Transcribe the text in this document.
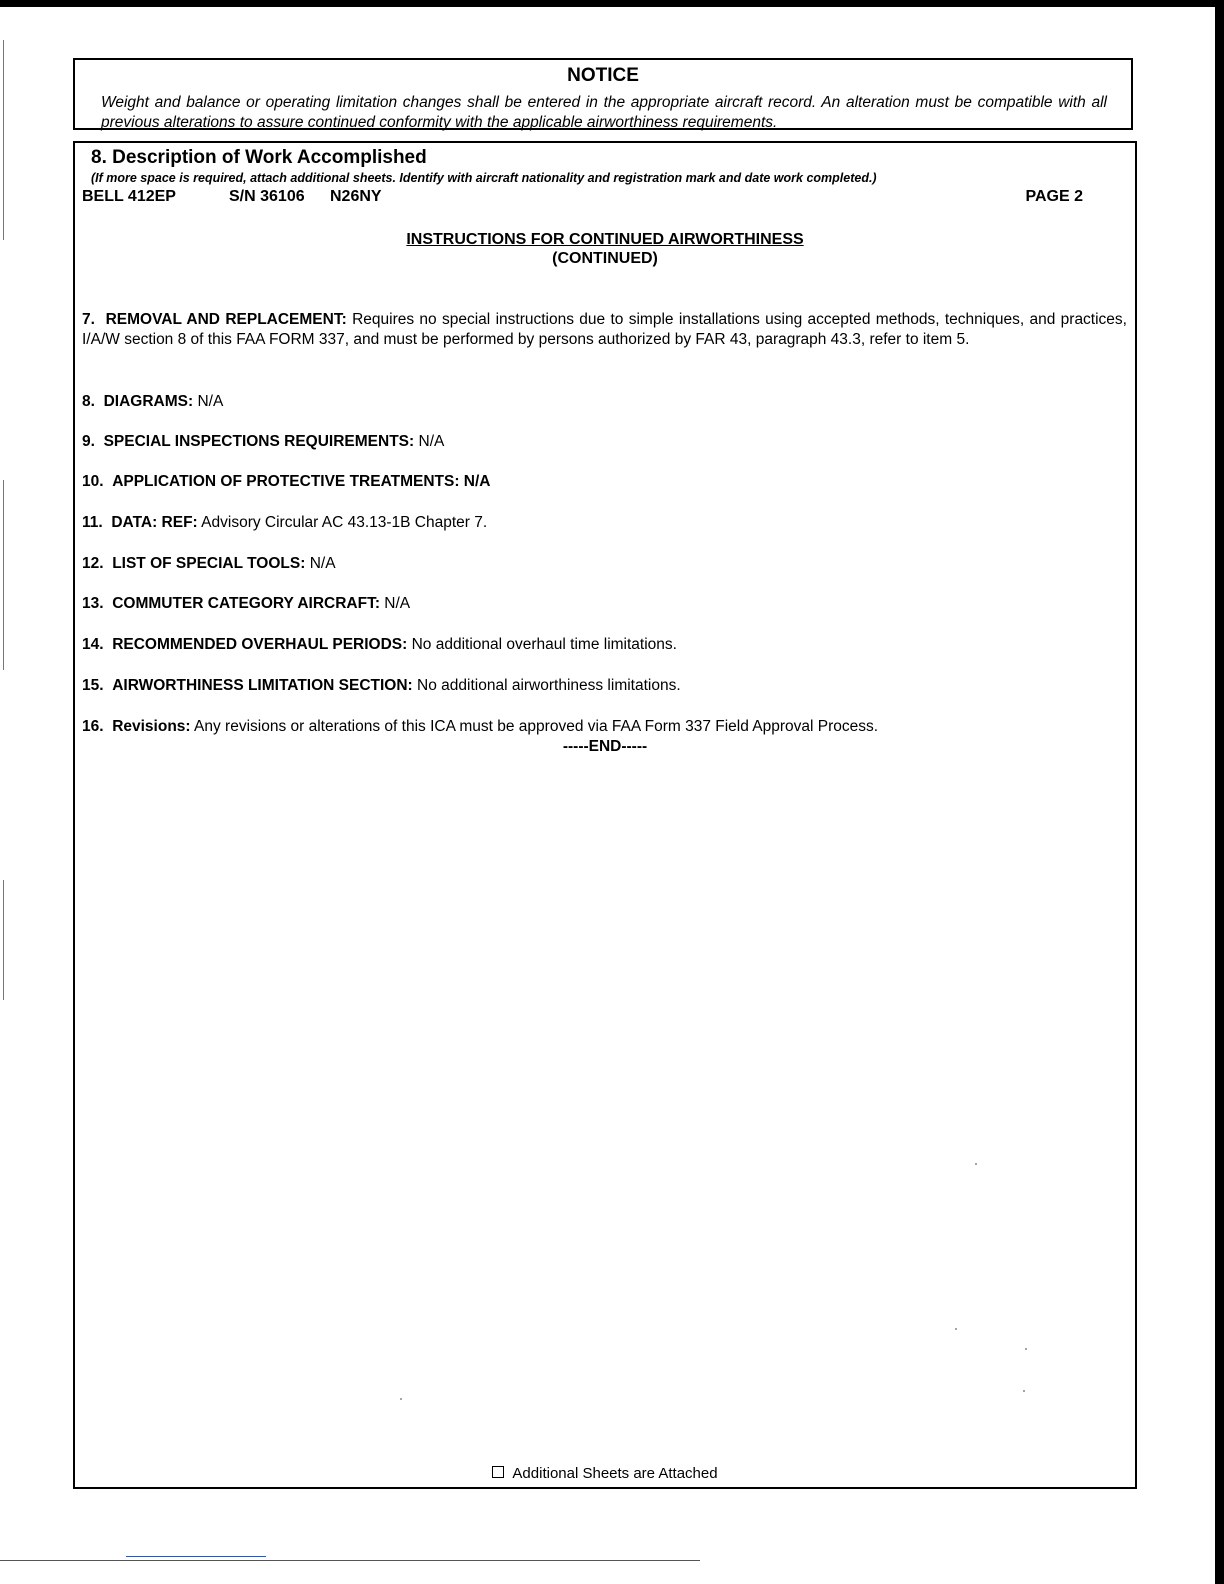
NOTICE
Weight and balance or operating limitation changes shall be entered in the appropriate aircraft record. An alteration must be compatible with all previous alterations to assure continued conformity with the applicable airworthiness requirements.
8. Description of Work Accomplished
(If more space is required, attach additional sheets. Identify with aircraft nationality and registration mark and date work completed.)
BELL 412EP	S/N 36106 N26NY	PAGE 2
INSTRUCTIONS FOR CONTINUED AIRWORTHINESS
(CONTINUED)
7. REMOVAL AND REPLACEMENT: Requires no special instructions due to simple installations using accepted methods, techniques, and practices, I/A/W section 8 of this FAA FORM 337, and must be performed by persons authorized by FAR 43, paragraph 43.3, refer to item 5.
8. DIAGRAMS: N/A
9. SPECIAL INSPECTIONS REQUIREMENTS: N/A
10. APPLICATION OF PROTECTIVE TREATMENTS: N/A
11. DATA: REF: Advisory Circular AC 43.13-1B Chapter 7.
12. LIST OF SPECIAL TOOLS: N/A
13. COMMUTER CATEGORY AIRCRAFT: N/A
14. RECOMMENDED OVERHAUL PERIODS: No additional overhaul time limitations.
15. AIRWORTHINESS LIMITATION SECTION: No additional airworthiness limitations.
16. Revisions: Any revisions or alterations of this ICA must be approved via FAA Form 337 Field Approval Process.
-----END-----
Additional Sheets are Attached
